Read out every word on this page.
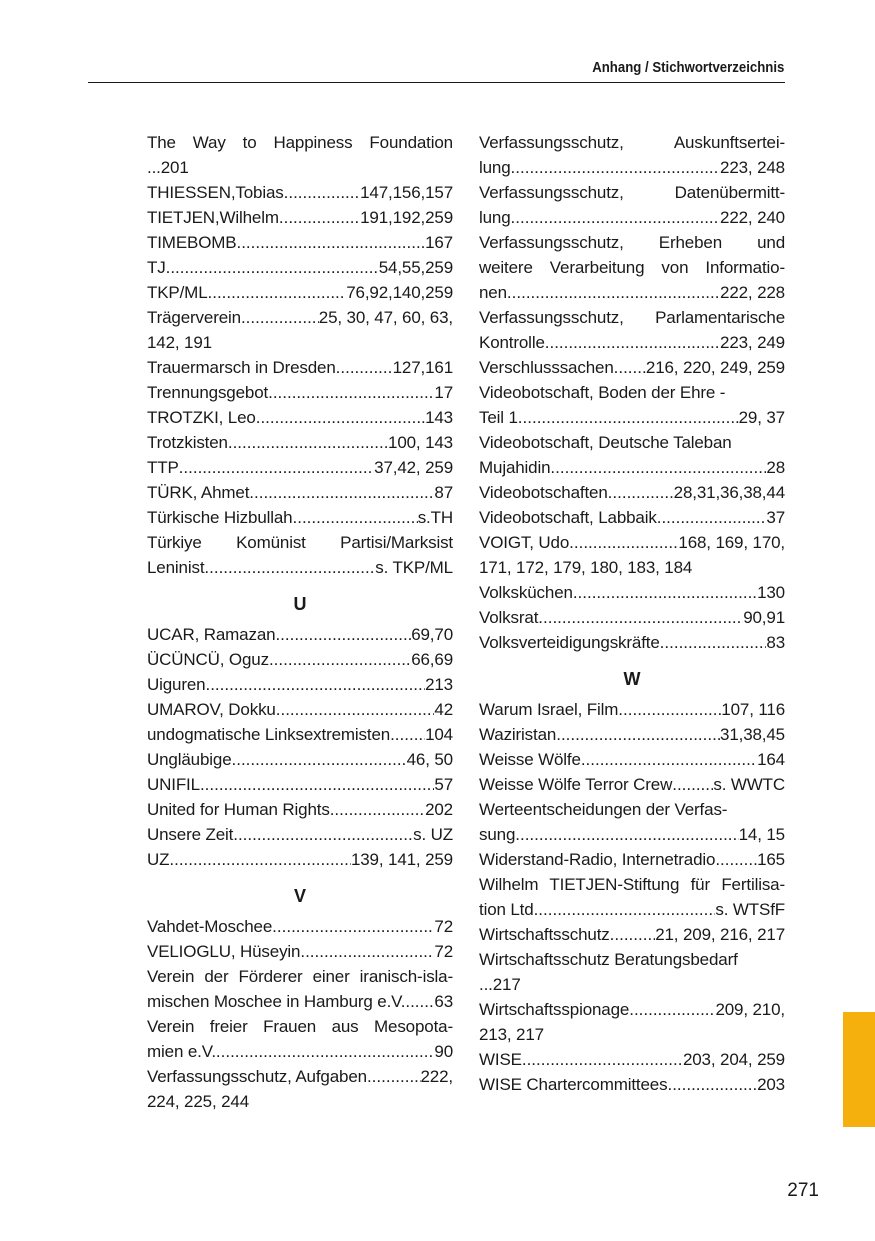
Anhang / Stichwortverzeichnis
The Way to Happiness Foundation
...201
THIESSEN,Tobias .....	147,156,157
TIETJEN,Wilhelm .....	191,192,259
TIMEBOMB .....	167
TJ .....	54,55,259
TKP/ML .....	76,92,140,259
Trägerverein .....	25, 30, 47, 60, 63,
142, 191
Trauermarsch in Dresden .....	127,161
Trennungsgebot .....	17
TROTZKI, Leo .....	143
Trotzkisten .....	100, 143
TTP .....	37,42, 259
TÜRK, Ahmet .....	87
Türkische Hizbullah .....	s.TH
Türkiye Komünist Partisi/Marksist
Leninist .....	s. TKP/ML
U
UCAR, Ramazan .....	69,70
ÜCÜNCÜ, Oguz .....	66,69
Uiguren .....	213
UMAROV, Dokku .....	42
undogmatische Linksextremisten ..... 104
Ungläubige .....	46, 50
UNIFIL .....	57
United for Human Rights .....	202
Unsere Zeit .....	s. UZ
UZ .....	139, 141, 259
V
Vahdet-Moschee .....	72
VELIOGLU, Hüseyin .....	72
Verein der Förderer einer iranisch-isla-
mischen Moschee in Hamburg e.V. ..... 63
Verein freier Frauen aus Mesopota-
mien e.V. .....	90
Verfassungsschutz, Aufgaben .....	222,
224, 225, 244
Verfassungsschutz, Auskunftsertei-
lung .....	223, 248
Verfassungsschutz, Datenübermitt-
lung .....	222, 240
Verfassungsschutz, Erheben und
weitere Verarbeitung von Informatio-
nen .....	222, 228
Verfassungsschutz, Parlamentarische
Kontrolle .....	223, 249
Verschlusssachen ..... 216, 220, 249, 259
Videobotschaft, Boden der Ehre -
Teil 1 .....	29, 37
Videobotschaft, Deutsche Taleban
Mujahidin .....	28
Videobotschaften .....	28,31,36,38,44
Videobotschaft, Labbaik .....	37
VOIGT, Udo .....	168, 169, 170,
171, 172, 179, 180, 183, 184
Volksküchen .....	130
Volksrat .....	90,91
Volksverteidigungskräfte .....	83
W
Warum Israel, Film .....	107, 116
Waziristan .....	31,38,45
Weisse Wölfe .....	164
Weisse Wölfe Terror Crew ..... s. WWTC
Werteentscheidungen der Verfas-
sung .....	14, 15
Widerstand-Radio, Internetradio ..... 165
Wilhelm TIETJEN-Stiftung für Fertilisa-
tion Ltd .....	s. WTSfF
Wirtschaftsschutz .....	21, 209, 216, 217
Wirtschaftsschutz Beratungsbedarf
...217
Wirtschaftsspionage .....	209, 210,
213, 217
WISE .....	203, 204, 259
WISE Chartercommittees .....	203
271
